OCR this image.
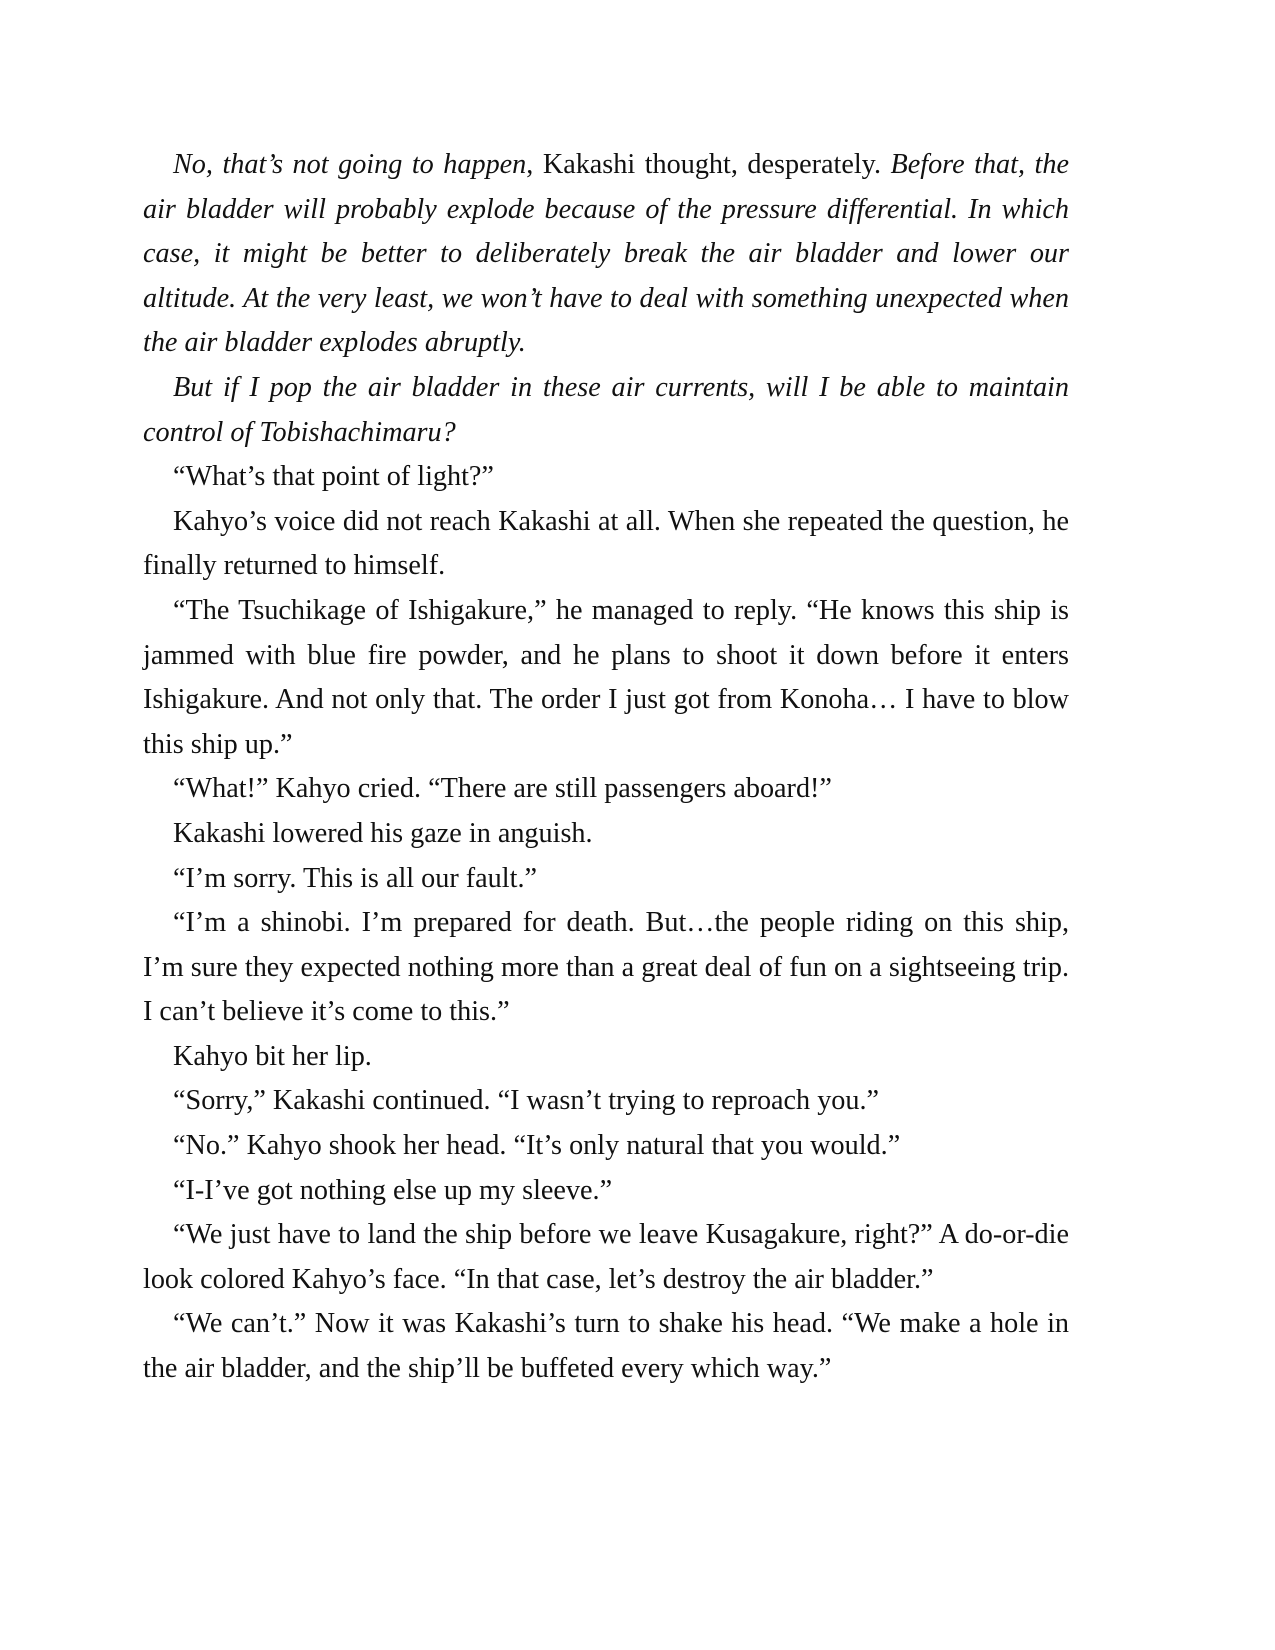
No, that’s not going to happen, Kakashi thought, desperately. Before that, the air bladder will probably explode because of the pressure differential. In which case, it might be better to deliberately break the air bladder and lower our altitude. At the very least, we won’t have to deal with something unexpected when the air bladder explodes abruptly.

But if I pop the air bladder in these air currents, will I be able to maintain control of Tobishachimaru?

“What’s that point of light?”

Kahyo’s voice did not reach Kakashi at all. When she repeated the question, he finally returned to himself.

“The Tsuchikage of Ishigakure,” he managed to reply. “He knows this ship is jammed with blue fire powder, and he plans to shoot it down before it enters Ishigakure. And not only that. The order I just got from Konoha… I have to blow this ship up.”

“What!” Kahyo cried. “There are still passengers aboard!”

Kakashi lowered his gaze in anguish.

“I’m sorry. This is all our fault.”

“I’m a shinobi. I’m prepared for death. But…the people riding on this ship, I’m sure they expected nothing more than a great deal of fun on a sightseeing trip. I can’t believe it’s come to this.”

Kahyo bit her lip.

“Sorry,” Kakashi continued. “I wasn’t trying to reproach you.”

“No.” Kahyo shook her head. “It’s only natural that you would.”

“I-I’ve got nothing else up my sleeve.”

“We just have to land the ship before we leave Kusagakure, right?” A do-or-die look colored Kahyo’s face. “In that case, let’s destroy the air bladder.”

“We can’t.” Now it was Kakashi’s turn to shake his head. “We make a hole in the air bladder, and the ship’ll be buffeted every which way.”
